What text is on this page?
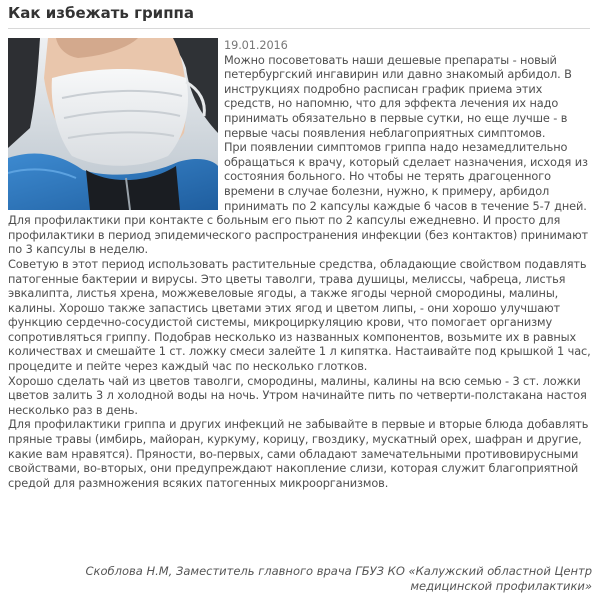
Как избежать гриппа
19.01.2016

Можно посоветовать наши дешевые препараты - новый петербургский ингавирин или давно знакомый арбидол. В инструкциях подробно расписан график приема этих средств, но напомню, что для эффекта лечения их надо принимать обязательно в первые сутки, но еще лучше - в первые часы появления неблагоприятных симптомов.

При появлении симптомов гриппа надо незамедлительно обращаться к врачу, который сделает назначения, исходя из состояния больного. Но чтобы не терять драгоценного времени в случае болезни, нужно, к примеру, арбидол принимать по 2 капсулы каждые 6 часов в течение 5-7 дней. Для профилактики при контакте с больным его пьют по 2 капсулы ежедневно. И просто для профилактики в период эпидемического распространения инфекции (без контактов) принимают по 3 капсулы в неделю.

Советую в этот период использовать растительные средства, обладающие свойством подавлять патогенные бактерии и вирусы. Это цветы таволги, трава душицы, мелиссы, чабреца, листья эвкалипта, листья хрена, можжевеловые ягоды, а также ягоды черной смородины, малины, калины. Хорошо также запастись цветами этих ягод и цветом липы, - они хорошо улучшают функцию сердечно-сосудистой системы, микроциркуляцию крови, что помогает организму сопротивляться гриппу. Подобрав несколько из названных компонентов, возьмите их в равных количествах и смешайте 1 ст. ложку смеси залейте 1 л кипятка. Настаивайте под крышкой 1 час, процедите и пейте через каждый час по несколько глотков.

Хорошо сделать чай из цветов таволги, смородины, малины, калины на всю семью - 3 ст. ложки цветов залить 3 л холодной воды на ночь. Утром начинайте пить по четверти-полстакана настоя несколько раз в день.

Для профилактики гриппа и других инфекций не забывайте в первые и вторые блюда добавлять пряные травы (имбирь, майоран, куркуму, корицу, гвоздику, мускатный орех, шафран и другие, какие вам нравятся). Пряности, во-первых, сами обладают замечательными противовирусными свойствами, во-вторых, они предупреждают накопление слизи, которая служит благоприятной средой для размножения всяких патогенных микроорганизмов.

Скоблова Н.М, Заместитель главного врача ГБУЗ КО «Калужский областной Центр медицинской профилактики»
